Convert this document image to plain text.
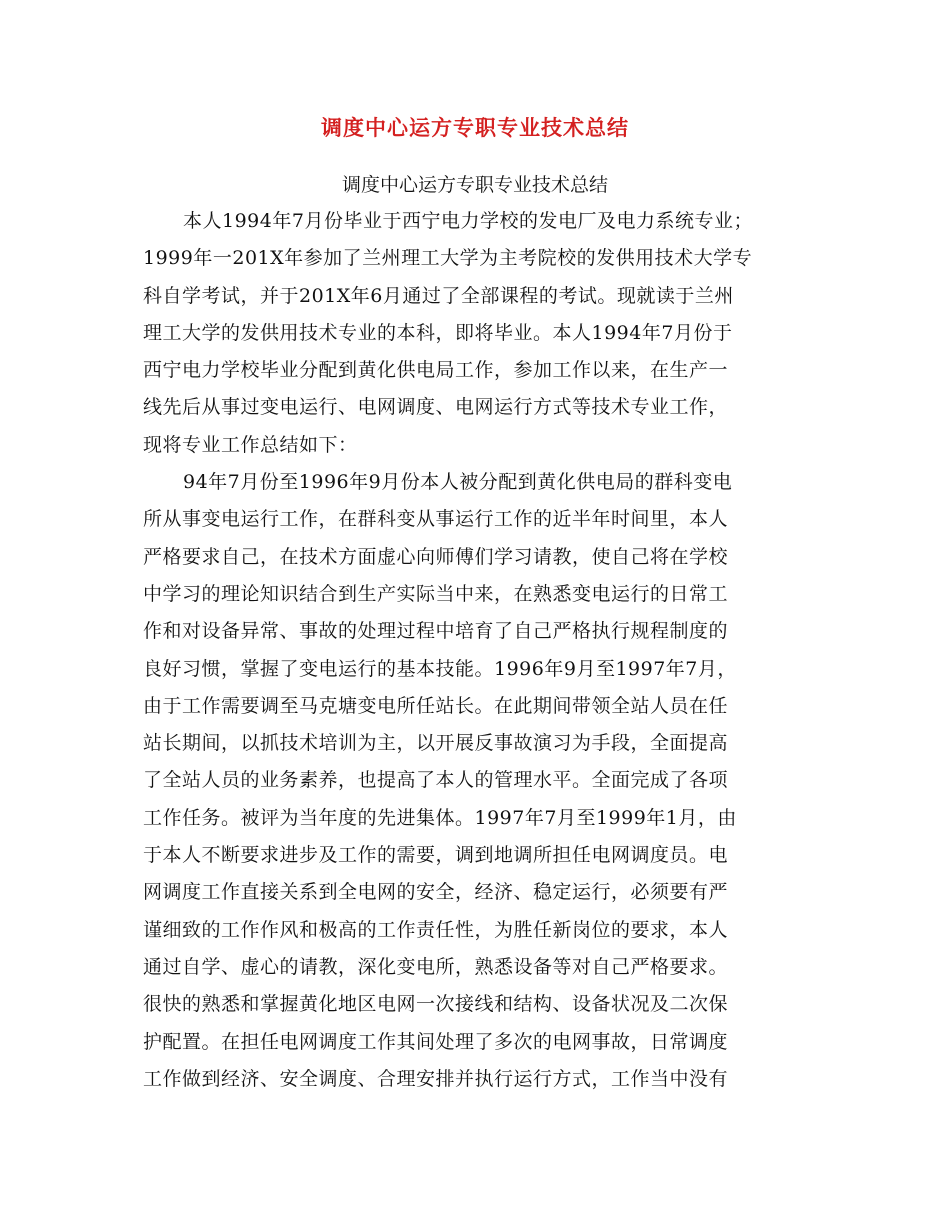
调度中心运方专职专业技术总结

调度中心运方专职专业技术总结

本人1994年7月份毕业于西宁电力学校的发电厂及电力系统专业；
1999年一201X年参加了兰州理工大学为主考院校的发供用技术大学专
科自学考试，并于201X年6月通过了全部课程的考试。现就读于兰州
理工大学的发供用技术专业的本科，即将毕业。本人1994年7月份于
西宁电力学校毕业分配到黄化供电局工作，参加工作以来，在生产一
线先后从事过变电运行、电网调度、电网运行方式等技术专业工作，
现将专业工作总结如下：
94年7月份至1996年9月份本人被分配到黄化供电局的群科变电
所从事变电运行工作，在群科变从事运行工作的近半年时间里，本人
严格要求自己，在技术方面虚心向师傅们学习请教，使自己将在学校
中学习的理论知识结合到生产实际当中来，在熟悉变电运行的日常工
作和对设备异常、事故的处理过程中培育了自己严格执行规程制度的
良好习惯，掌握了变电运行的基本技能。1996年9月至1997年7月，
由于工作需要调至马克塘变电所任站长。在此期间带领全站人员在任
站长期间，以抓技术培训为主，以开展反事故演习为手段，全面提高
了全站人员的业务素养，也提高了本人的管理水平。全面完成了各项
工作任务。被评为当年度的先进集体。1997年7月至1999年1月，由
于本人不断要求进步及工作的需要，调到地调所担任电网调度员。电
网调度工作直接关系到全电网的安全，经济、稳定运行，必须要有严
谨细致的工作作风和极高的工作责任性，为胜任新岗位的要求，本人
通过自学、虚心的请教，深化变电所，熟悉设备等对自己严格要求。
很快的熟悉和掌握黄化地区电网一次接线和结构、设备状况及二次保
护配置。在担任电网调度工作其间处理了多次的电网事故，日常调度
工作做到经济、安全调度、合理安排并执行运行方式，工作当中没有
